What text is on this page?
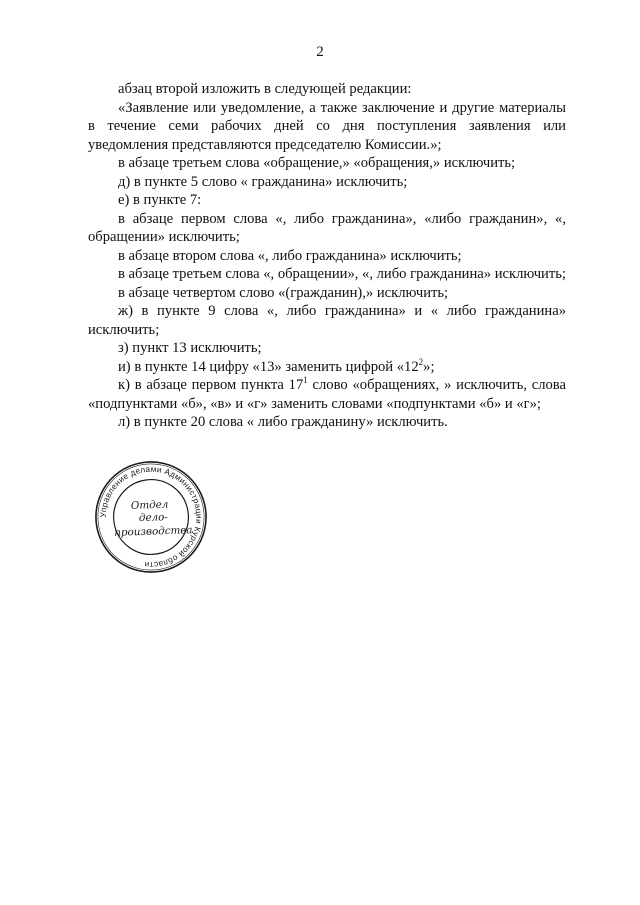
2

абзац второй изложить в следующей редакции:

«Заявление или уведомление, а также заключение и другие материалы в течение семи рабочих дней со дня поступления заявления или уведомления представляются председателю Комиссии.»;

в абзаце третьем слова «обращение,» «обращения,» исключить;

д) в пункте 5 слово « гражданина» исключить;

е) в пункте 7:

в абзаце первом слова «, либо гражданина», «либо гражданин», «, обращении» исключить;

в абзаце втором слова «, либо гражданина» исключить;

в абзаце третьем слова «, обращении», «, либо гражданина» исключить;

в абзаце четвертом слово «(гражданин),» исключить;

ж) в пункте 9 слова «, либо гражданина» и « либо гражданина» исключить;

з) пункт 13 исключить;

и) в пункте 14 цифру «13» заменить цифрой «$12^2$»;

к) в абзаце первом пункта $17^1$ слово «обращениях, » исключить, слова «подпунктами «б», «в» и «г» заменить словами «подпунктами «б» и «г»;

л) в пункте 20 слова « либо гражданину» исключить.

Управление делами Администрации Курской области
Отдел
дело-
производства
